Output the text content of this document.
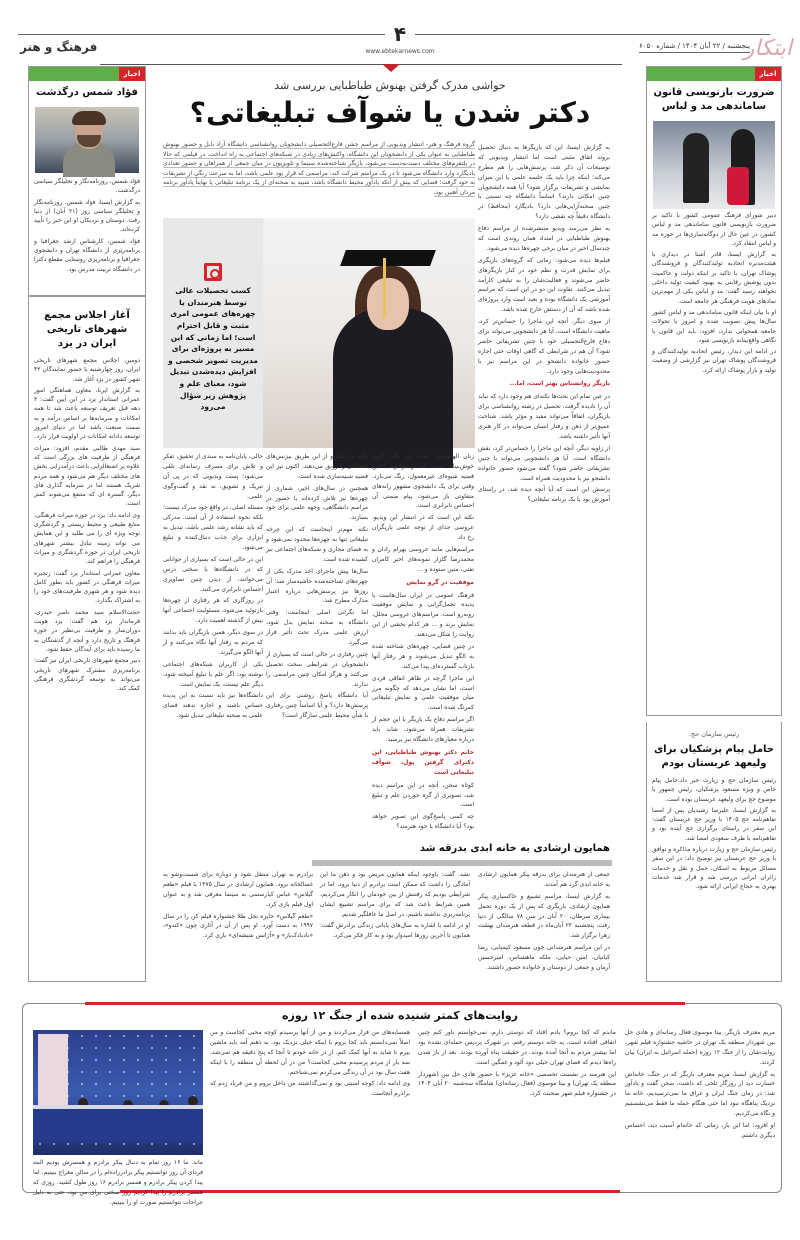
ابتکار
۴
www.ebtekarnews.com
فرهنگ و هنر	پنجشنبه / ۲۲ آبان ۱۴۰۴ / شماره ۶۰۵۰
اخبار
ضرورت بازنویسی قانون ساماندهی مد و لباس

دبیر شورای فرهنگ عمومی کشور با تاکید بر ضرورت بازنویسی قانون ساماندهی مد و لباس کشور، در عین حال از دوگانه‌سازی‌ها در حوزه مد و لباس انتقاد کرد.

به گزارش ایسنا، قادر آشنا در دیداری با هیئت‌مدیره اتحادیه تولیدکنندگان و فروشندگان پوشاک تهران، با تاکید بر اینکه دولت و حاکمیت بدون پوشش رقابتی به بهبود کیفیت تولید داخلی نخواهند رسید گفت: مد و لباس یکی از مهم‌ترین نمادهای هویت فرهنگی هر جامعه است.

او با بیان اینکه قانون ساماندهی مد و لباس کشور سال‌ها پیش تصویب شده و امروز با تحولات جامعه همخوانی ندارد، افزود: باید این قانون با نگاهی واقع‌بینانه بازنویسی شود.

در ادامه این دیدار، رئیس اتحادیه تولیدکنندگان و فروشندگان پوشاک تهران نیز گزارشی از وضعیت تولید و بازار پوشاک ارائه کرد.

رئیس سازمان حج:
حامل پیام پزشکیان برای ولیعهد عربستان بودم

رئیس سازمان حج و زیارت خبر داد:حامل پیام خاص و ویژه مسعود پزشکیان، رئیس جمهور با موضوع حج برای ولیعهد عربستان بوده است.

به گزارش ایسنا، علیرضا رشیدیان پس از امضا تفاهم‌نامه حج ۱۴۰۵ با وزیر حج عربستان گفت: این سفر در راستای برگزاری حج آینده بود و تفاهم‌نامه با طرف سعودی امضا شد.

رئیس سازمان حج و زیارت درباره مذاکره و توافق با وزیر حج عربستان نیز توضیح داد: در این سفر مسائل مربوط به اسکان، حمل و نقل و خدمات زائران ایرانی بررسی شد و قرار شد خدمات بهتری به حجاج ایرانی ارائه شود.

اخبار
فؤاد شمس درگذشت

فؤاد شمس، روزنامه‌نگار و تحلیلگر سیاسی درگذشت.

به گزارش ایسنا، فؤاد شمس، روزنامه‌نگار و تحلیلگر سیاسی روز (۲۱ آبان) از دنیا رفت. دوستان و نزدیکان او این خبر را تأیید کرده‌اند.

فؤاد شمس، کارشناس ارشد جغرافیا و برنامه‌ریزی از دانشگاه تهران و دانشجوی جغرافیا و برنامه‌ریزی روستایی مقطع دکترا در دانشگاه تربیت مدرس بود.

آغاز اجلاس مجمع شهرهای تاریخی ایران در یزد

دومین اجلاس مجمع شهرهای تاریخی ایران، روز چهارشنبه با حضور نمایندگان ۴۳ شهر کشور در یزد آغاز شد.

به گزارش ایرنا، معاون هماهنگی امور عمرانی استاندار یزد در این آیین گفت: ۳ دهه قبل تعریف توسعه باعث شد تا همه امکانات و سرمایه‌ها بر اساس درآمد و به سمت صنعت باشد اما در دنیای امروز توسعه دادانه امکانات در اولویت قرار دارد.

سید مهدی طالبی مقدم، افزود: میراث فرهنگی از ظرفیت های بزرگی است که علاوه بر اشتغالزایی باعث درآمدزایی بخش های مختلف دیگر هم می‌شود و همه مردم شریک هستند اما در سرمایه گذاری های دیگر، گستره ای که منتفع می‌شوند کمتر است.

وی ادامه داد: یزد در حوزه میراث فرهنگی، منابع طبیعی و محیط زیستی و گردشگری توجه ویژه ای را می طلبد و این همایش می تواند زمینه تبادل بیشتر شهرهای تاریخی ایران در حوزه گردشگری و میراث فرهنگی را فراهم کند.

معاون عمرانی استاندار یزد گفت: زنجیره میراث فرهنگی در کشور باید بطور کامل دیده شود و هر شهری ظرفیت‌های خود را به اشتراک بگذارد.

حجت‌الاسلام سید محمد ناصر حیدری، فرماندار یزد هم گفت: یزد هویت دوران‌ساز و ظرفیت بی‌نظیر در حوزه فرهنگ و تاریخ دارد و آنچه از گذشتگان به ما رسیده باید برای آیندگان حفظ شود.

دبیر مجمع شهرهای تاریخی ایران نیز گفت: برنامه‌ریزی مشترک شهرهای تاریخی می‌تواند به توسعه گردشگری فرهنگی کمک کند.

حواشی مدرک گرفتن بهنوش طباطبایی بررسی شد
دکتر شدن یا شوآف تبلیغاتی؟
گروه فرهنگ و هنر- انتشار ویدیویی از مراسم جشن فارغ‌التحصیلی دانشجویان روانشناسی دانشگاه آزاد بابل و حضور بهنوش طباطبایی به عنوان یکی از دانشجویان این دانشگاه، واکنش‌های زیادی در شبکه‌های اجتماعی به راه انداخت. در فیلمی که حالا در پلتفرم‌های مختلف دست‌به‌دست می‌شود، بازیگر شناخته‌شده سینما و تلویزیون در میان جمعی از همراهان و حضور تعدادی بادیگارد وارد دانشگاه می‌شود تا در یک مراسم شرکت کند. مراسمی که قرار بود علمی باشد، اما به سرعت رنگی از تشریفات به خود گرفت؛ فضایی که بیش از آنکه یادآور محیط دانشگاه باشد، شبیه به صحنه‌ای از یک برنامه تبلیغاتی یا نهایتاً یادآور برنامه مردان آهنین بود.

به گزارش ایسنا، این که بازیگرها به دنبال تحصیل بروند اتفاق مثبتی است اما انتشار ویدیویی که توضیحات آن ذکر شد، پرسش‌هایی را هم مطرح می‌کند؛ اینکه چرا باید یک جلسه علمی با این میزان نمایشی و تشریفات برگزار شود؟ آیا همه دانشجویان چنین امکانی دارند؟ اساساً دانشگاه چه نسبتی با چنین صحنه‌آرایی‌هایی دارد؟ بادیگارد (محافظ) در دانشگاه دقیقاً چه نقشی دارد؟

به نظر می‌رسد ویدیو منتشرشده از مراسم دفاع بهنوش طباطبایی در امتداد همان روندی است که چندسال اخیر در میان برخی چهره‌ها دیده می‌شود.

فیلم‌ها دیده می‌شود: زمانی که گروه‌های بازیگری برای نمایش قدرت و نظم خود در کنار بازیگرهای حاضر می‌شوند و فعالیت‌شان را به تبلیغی کارآمد تبدیل می‌کنند. تفاوت این دو در این است که مراسم آموزشی یک دانشگاه بوده و بعید است وارد پروژه‌ای شده باشد که آن از دستش خارج شده باشد.

از سوی دیگر، آنچه این ماجرا را حساس‌تر کرد، ماهیت دانشگاه است. آیا هر دانشجویی می‌تواند برای دفاع فارغ‌التحصیلی خود با چنین تشریفاتی حاضر شود؟ آن هم در شرایطی که گاهی اوقات حتی اجازه حضور خانواده دانشجو در این مراسم نیز با محدودیت‌هایی وجود دارد.

بازیگر روانشناس بهتر است، اما...

در عین تمام این بحث‌ها نکته‌ای هم وجود دارد که نباید آن را نادیده گرفت. تحصیل در رشته روانشناسی برای بازیگران، اتفاقاً می‌تواند مفید و مؤثر باشد. شناخت عمیق‌تر از ذهن و رفتار انسان می‌تواند در کار هنری آنها تأثیر داشته باشد.

از زاویه دیگر، آنچه این ماجرا را حساس‌تر کرد، نقش دانشگاه است. آیا هر دانشجویی می‌تواند با چنین تشریفاتی حاضر شود؟ گفته می‌شود حضور خانواده دانشجو نیز با محدودیت همراه است.

پرسش این است که آیا آنچه دیده شد، در راستای آموزش بود یا یک برنامه تبلیغاتی؟

کسب تحصیلات عالی توسط هنرمندان یا چهره‌های عمومی امری مثبت و قابل احترام است؛ اما زمانی که این مسیر به پروژه‌ای برای مدیریت تصویر شخصی و افزایش دیده‌شدن تبدیل شود، معنای علم و پژوهش زیر سؤال می‌رود

زنان الهام‌بخش باشد، این نگاه، گروه خوش‌بینانه است، اما در مواجهه با این قضیه شیوه‌ای غیرمعمول، رنگ می‌بازد. وقتی برای یک دانشجوی مشهور رانه‌های متفاوتی باز می‌شود، پیام ضمنی آن احساس نابرابری است.

نکته این است که در انتشار این ویدیو، عروسی جدای از توجه علمی بازیگران رخ داد.

مراسم‌هایی مانند عروسی بهرام رادان و محمدرضا گلزار نمونه‌های اخیر کامران تفتی، متین ستوده و ...

موفقیت در گرو نمایش

فرهنگ عمومی در ایران سال‌هاست با پدیده تجمل‌گرایی و نمایش موفقیت روبه‌رو است. مراسم‌های عروسی مجلل، نمایش برند و ... هر کدام بخشی از این روایت را شکل می‌دهند.

در چنین فضایی، چهره‌های شناخته شده به الگو تبدیل می‌شوند و هر رفتار آنها بازتاب گسترده‌ای پیدا می‌کند.

این ماجرا گرچه در ظاهر اتفاقی فردی است، اما نشان می‌دهد که چگونه مرز میان موفقیت علمی و نمایش تبلیغاتی کمرنگ شده است.

اگر مراسم دفاع یک بازیگر با این حجم از تشریفات همراه می‌شود، شاید باید درباره معیارهای دانشگاه نیز پرسید.

خانم دکتر بهنوش طباطبایی، این دکترای گرفتن پول، شوآف تبلیغاتی است

کوتاه سخن، آنچه در این مراسم دیده شد، تصویری از گره خوردن علم و تبلیغ است.

چه کسی پاسخ‌گوی این تصویر خواهد بود؟ آیا دانشگاه یا خود هنرمند؟

جلب می‌کنند و از این طریق بیزنس‌های اقتصادی را رونق می‌دهند. اکنون نیز این قضیه شبیه‌سازی شده است.

همچنین در سال‌های اخیر، شماری از چهره‌ها نیز تلاش کرده‌اند با حضور در مراسم دانشگاهی، وجهه علمی برای خود بسازند.

نکته مهم‌تر اینجاست که این چرخه تبلیغاتی تنها به چهره‌ها محدود نمی‌شود و به فضای مجازی و شبکه‌های اجتماعی نیز کشیده شده است.

سال‌ها پیش ماجرای اخذ مدرک یکی از چهره‌های شناخته‌شده حاشیه‌ساز شد؛ آن روزها نیز پرسش‌هایی درباره اعتبار مدارک مطرح شد.

اما نگرانی اصلی اینجاست: وقتی دانشگاه به صحنه نمایش بدل شود، ارزش علمی مدرک تحت تأثیر قرار می‌گیرد.

چنین رفتاری در حالی است که بسیاری از دانشجویان در شرایطی سخت تحصیل می‌کنند و هرگز امکان چنین مراسمی را ندارند.

آیا دانشگاه پاسخ روشنی برای این پرسش‌ها دارد؟ و آیا اساساً چنین رفتاری با شأن محیط علمی سازگار است؟

حالی، پایان‌نامه به سندی از تحقیق، تفکر و تلاش برای مصرف رسانه‌ای تلقی می‌شود؛ پست ویدیویی که در پی آن تبریک و تشویق، نه نقد و گفت‌وگوی علمی.

مسئله اصلی، در واقع خود مدرک نیست؛ بلکه نحوه استفاده از آن است. مدرکی که باید نشانه رشد علمی باشد، تبدیل به ابزاری برای جذب دنبال‌کننده و تبلیغ می‌شود.

این در حالی است که بسیاری از جوانانی که در دانشگاه‌ها با سختی درس می‌خوانند، از دیدن چنین تصاویری احساس نابرابری می‌کنند.

در روزگاری که هر رفتاری از چهره‌ها بازتولید می‌شود، مسئولیت اجتماعی آنها بیش از گذشته اهمیت دارد.

در سوی دیگر، همین بازیگران باید بدانند که مردم به رفتار آنها نگاه می‌کنند و از آنها الگو می‌گیرند.

یکی از کاربران شبکه‌های اجتماعی نوشته بود: اگر علم با تبلیغ آمیخته شود، دیگر علم نیست، یک نمایش است.

دانشگاه‌ها نیز باید نسبت به این پدیده حساس باشند و اجازه ندهند فضای علمی به صحنه تبلیغاتی تبدیل شود.

همایون ارشادی به خانه ابدی بدرقه شد

جمعی از هنرمندان برای بدرقه پیکر همایون ارشادی به خانه ابدی گرد هم آمدند.

به گزارش ایسنا، مراسم تشییع و خاکسپاری پیکر همایون ارشادی، بازیگری که پس از یک دوره تحمل بیماری سرطان، ۲۰ آبان در سن ۷۸ سالگی از دنیا رفت، پنجشنبه ۲۲ آبان‌ماه در قطعه هنرمندان بهشت زهرا برگزار شد.

در این مراسم هنرمندانی چون مسعود کیمیایی، رضا کیانیان، امین حیایی، ملکه ماهشناس، امیرحسین آرمان و جمعی از دوستان و خانواده حضور داشتند.

نشد. گفت: باوجود اینکه همایون مریض بود و ذهن ما این آمادگی را داشت که ممکن است برادرم از دنیا برود، اما در شرایطی بودیم که رفتنش از بین خودمان را انکار می‌کردیم، همین شرایط باعث شد که برای مراسم تشییع ایشان برنامه‌ریزی نداشته باشیم. در اصل ما غافلگیر شدیم.

او در ادامه با اشاره به سال‌های پایانی زندگی برادرش گفت: همایون تا آخرین روزها امیدوار بود و به کار فکر می‌کرد.

برادرم به تهران منتقل شود و دوباره برای شست‌وشو به غسالخانه برود. همایون ارشادی در سال ۱۳۷۵ با فیلم «طعم گیلاس» عباس کیارستمی به سینما معرفی شد و به عنوان اول فیلم بازی کرد.

«طعم گیلاس» جایزه نخل طلا جشنواره فیلم کن را در سال ۱۹۹۷ به دست آورد. او پس از آن در آثاری چون «کندو»، «بادبادک‌باز» و «آژانس شیشه‌ای» بازی کرد.

روایت‌های کمتر شنیده شده از جنگ ۱۲ روزه

مریم معترف بازیگر، بیتا موسوی فعال رسانه‌ای و هادی حل بین شهردار منطقه یک تهران در حاشیه جشنواره فیلم شهر، روایت‌شان را از جنگ ۱۲ روزه (حمله اسرائیل به ایران) بیان کردند.

به گزارش ایسنا، مریم معترف بازیگر که در جنگ، خانه‌اش خسارت دید از روزگار تلخی که داشت، سخن گفت و یادآور شد: در زمان جنگ ایران و عراق ما نمی‌ترسیدیم، خانه ما نزدیک پناهگاه نبود اما حتی هنگام حمله ما فقط می‌نشستیم و نگاه می‌کردیم.

او افزود: اما این بار، زمانی که خانه‌ام آسیب دید، احساس دیگری داشتم.

ماندم که کجا بروم؟ یادم افتاد که دوستی دارم، نمی‌خواستم باور کنم چنین اتفاقی افتاده است. به خانه دوستم رفتم. در شهرک پردیس حمله‌ای نشده بود اما بیشتر مردم به آنجا آمده بودند. در حقیقت پناه آورده بودند. بعد از باز شدن راه‌ها دیدم که فضای تهران خیلی دود آلود و غمگین است.

این هنرمند در نشست تخصصی «خانه عزیز» با حضور هادی حل بین (شهردار منطقه یک تهران) و بیتا موسوی (فعال رسانه‌ای) شامگاه سه‌شنبه ۲۰ آبان ۱۴۰۴ در جشنواره فیلم شهر صحبت کرد.

همسایه‌های من فرار می‌کردند و من از آنها پرسیدم کوچه محبی کجاست و من اصلاً نمی‌دانستم باید کجا بروم با اینکه خیلی نزدیک بود. به ذهنم آمد باید ماشین بیرم تا شاید به آنها کمک کنم. از در خانه خودم تا آنجا که پنج دقیقه هم نمی‌شد، سه بار از مردم پرسیدم محبی کجاست؟ من در آن لحظه آن منطقه را با اینکه هفت سال بود در آن زندگی می‌کردم نمی‌شناختم.

وی ادامه داد: کوچه امنیتی بود و نمی‌گذاشتند من داخل بروم و من فریاد زدم که برادرم آنجاست.

ماند. ما ۱۶ روز تمام به دنبال پیکر برادرم و همسرش بودیم البته فردای آن روز توانستیم پیکر برادرزاده‌ام را در سالن معراج ببینیم. اما پیدا کردن پیکر برادرم و همسر برادرم ۱۶ روز طول کشید. روزی که همسر برادرم را پیدا کردیم روز سختی برای من بود، حتی به دلیل جراحات نتوانستیم صورت او را ببینیم.
